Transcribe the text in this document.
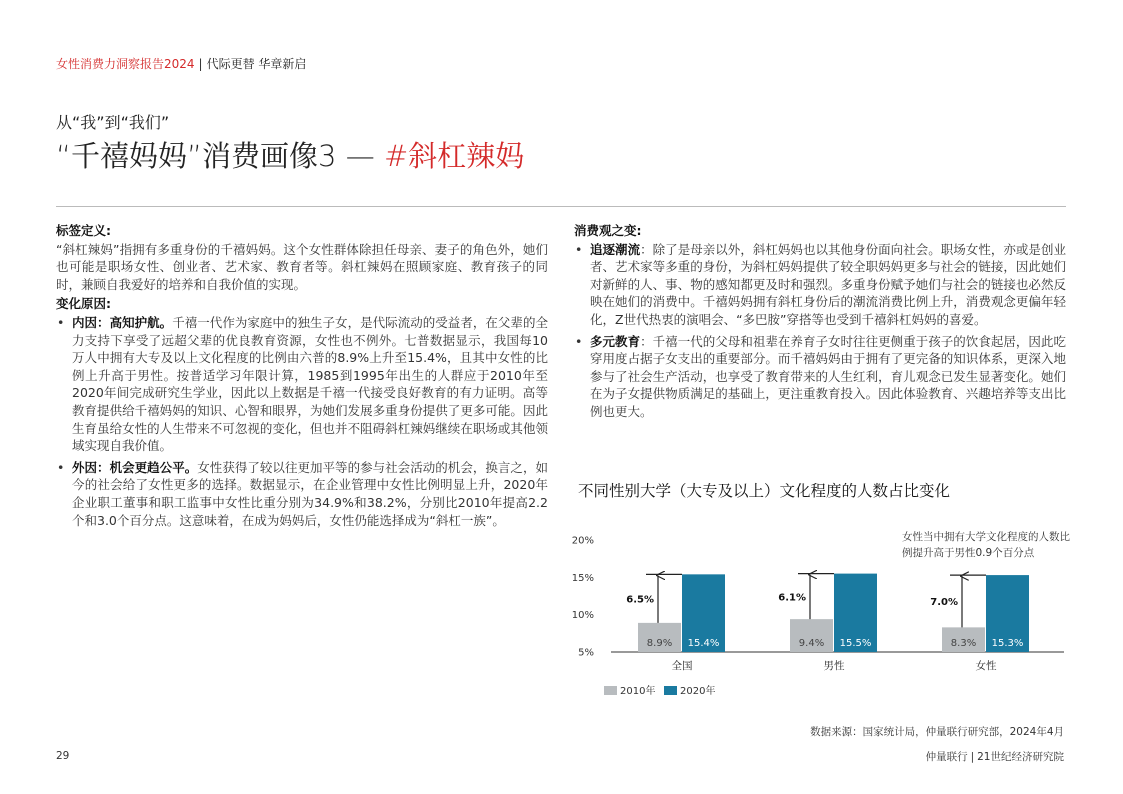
女性消费力洞察报告2024 | 代际更替 华章新启
从“我”到“我们”
“千禧妈妈”消费画像3 — #斜杠辣妈
标签定义:
“斜杠辣妈”指拥有多重身份的千禧妈妈。这个女性群体除担任母亲、妻子的角色外，她们也可能是职场女性、创业者、艺术家、教育者等。斜杠辣妈在照顾家庭、教育孩子的同时，兼顾自我爱好的培养和自我价值的实现。
变化原因:
• 内因：高知护航。千禧一代作为家庭中的独生子女，是代际流动的受益者，在父辈的全力支持下享受了远超父辈的优良教育资源，女性也不例外。七普数据显示，我国每10万人中拥有大专及以上文化程度的比例由六普的8.9%上升至15.4%，且其中女性的比例上升高于男性。按普适学习年限计算，1985到1995年出生的人群应于2010年至2020年间完成研究生学业，因此以上数据是千禧一代接受良好教育的有力证明。高等教育提供给千禧妈妈的知识、心智和眼界，为她们发展多重身份提供了更多可能。因此生育虽给女性的人生带来不可忽视的变化，但也并不阻碍斜杠辣妈继续在职场或其他领域实现自我价值。
• 外因：机会更趋公平。女性获得了较以往更加平等的参与社会活动的机会，换言之，如今的社会给了女性更多的选择。数据显示，在企业管理中女性比例明显上升，2020年企业职工董事和职工监事中女性比重分别为34.9%和38.2%，分别比2010年提高2.2个和3.0个百分点。这意味着，在成为妈妈后，女性仍能选择成为“斜杠一族”。
消费观之变:
• 追逐潮流：除了是母亲以外，斜杠妈妈也以其他身份面向社会。职场女性，亦或是创业者、艺术家等多重的身份，为斜杠妈妈提供了较全职妈妈更多与社会的链接，因此她们对新鲜的人、事、物的感知都更及时和强烈。多重身份赋予她们与社会的链接也必然反映在她们的消费中。千禧妈妈拥有斜杠身份后的潮流消费比例上升，消费观念更偏年轻化，Z世代热衷的演唱会、“多巴胺”穿搭等也受到千禧斜杠妈妈的喜爱。
• 多元教育：千禧一代的父母和祖辈在养育子女时往往更侧重于孩子的饮食起居，因此吃穿用度占据子女支出的重要部分。而千禧妈妈由于拥有了更完备的知识体系，更深入地参与了社会生产活动，也享受了教育带来的人生红利，育儿观念已发生显著变化。她们在为子女提供物质满足的基础上，更注重教育投入。因此体验教育、兴趣培养等支出比例也更大。
不同性别大学（大专及以上）文化程度的人数占比变化
5%
10%
15%
20%
8.9% 15.4%
6.5%
全国
9.4% 15.5%
6.1%
男性
8.3% 15.3%
7.0%
女性
2010年 2020年
女性当中拥有大学文化程度的人数比例提升高于男性0.9个百分点
数据来源：国家统计局，仲量联行研究部，2024年4月
29	仲量联行 | 21世纪经济研究院
